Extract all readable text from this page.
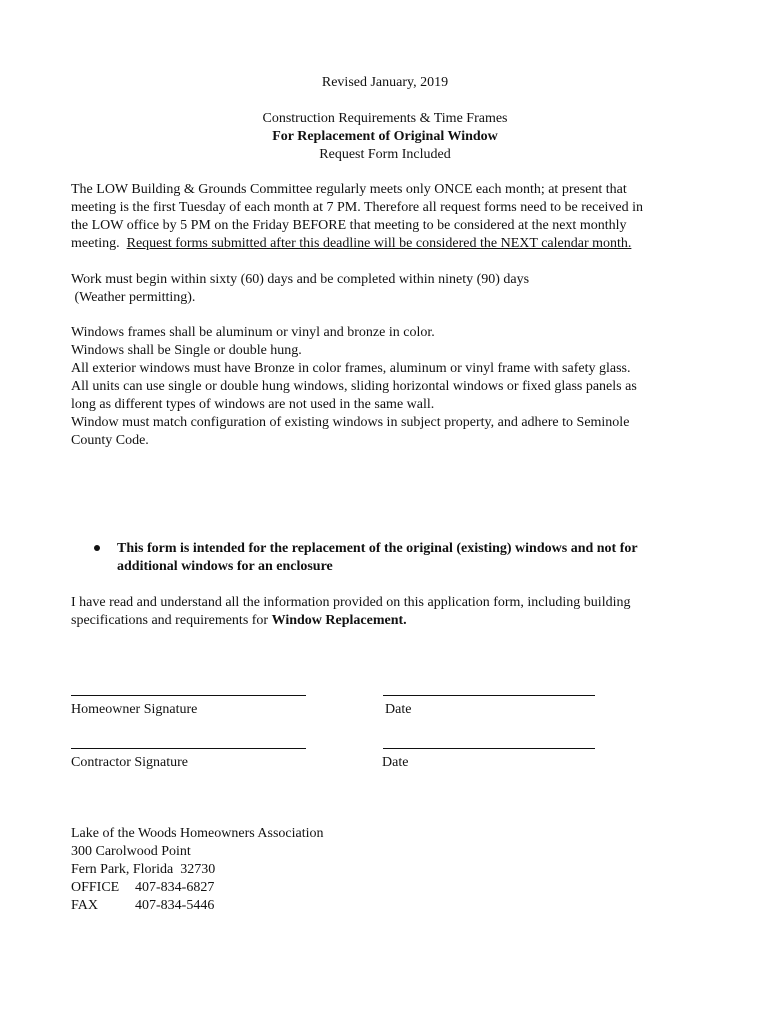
Revised January, 2019
Construction Requirements & Time Frames
For Replacement of Original Window
Request Form Included
The LOW Building & Grounds Committee regularly meets only ONCE each month; at present that
meeting is the first Tuesday of each month at 7 PM. Therefore all request forms need to be received in
the LOW office by 5 PM on the Friday BEFORE that meeting to be considered at the next monthly
meeting.  Request forms submitted after this deadline will be considered the NEXT calendar month.
Work must begin within sixty (60) days and be completed within ninety (90) days
(Weather permitting).
Windows frames shall be aluminum or vinyl and bronze in color.
Windows shall be Single or double hung.
All exterior windows must have Bronze in color frames, aluminum or vinyl frame with safety glass.
All units can use single or double hung windows, sliding horizontal windows or fixed glass panels as
long as different types of windows are not used in the same wall.
Window must match configuration of existing windows in subject property, and adhere to Seminole
County Code.
This form is intended for the replacement of the original (existing) windows and not for
additional windows for an enclosure
I have read and understand all the information provided on this application form, including building
specifications and requirements for Window Replacement.
Homeowner Signature	Date
Contractor Signature	Date
Lake of the Woods Homeowners Association
300 Carolwood Point
Fern Park, Florida  32730
OFFICE 407-834-6827
FAX	407-834-5446
